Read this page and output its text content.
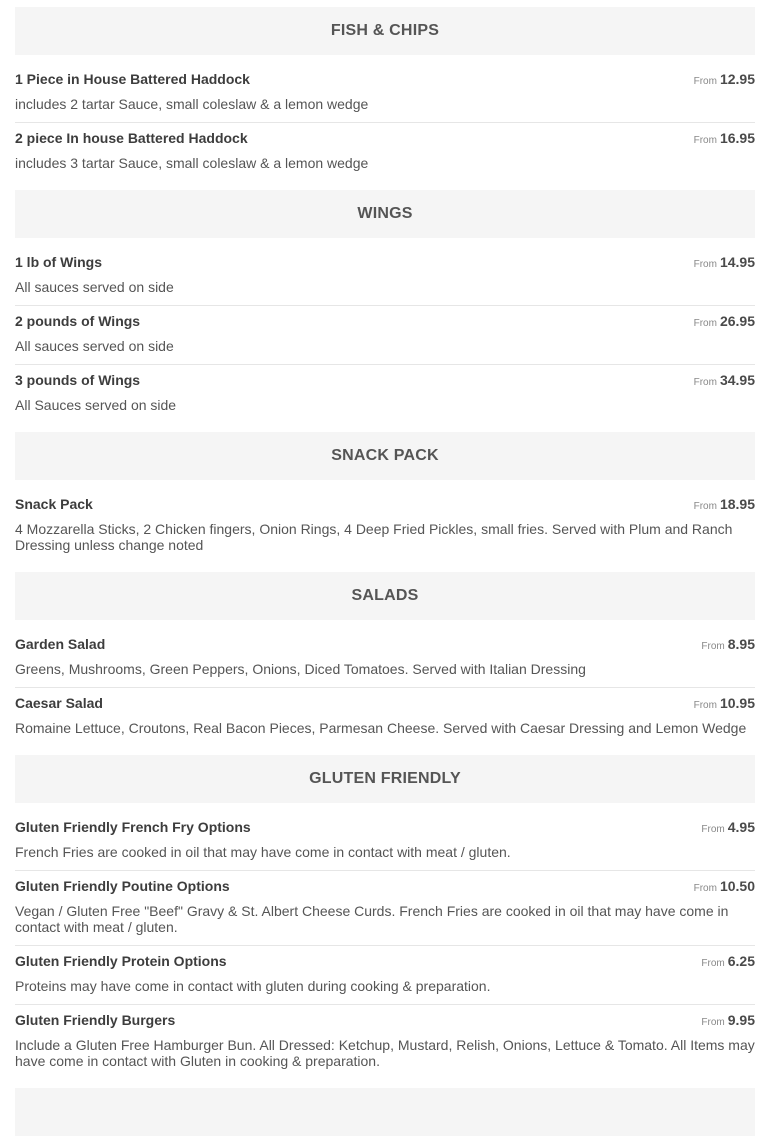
FISH & CHIPS
1 Piece in House Battered Haddock	From 12.95
includes 2 tartar Sauce, small coleslaw & a lemon wedge
2 piece In house Battered Haddock	From 16.95
includes 3 tartar Sauce, small coleslaw & a lemon wedge
WINGS
1 lb of Wings	From 14.95
All sauces served on side
2 pounds of Wings	From 26.95
All sauces served on side
3 pounds of Wings	From 34.95
All Sauces served on side
SNACK PACK
Snack Pack	From 18.95
4 Mozzarella Sticks, 2 Chicken fingers, Onion Rings, 4 Deep Fried Pickles, small fries. Served with Plum and Ranch Dressing unless change noted
SALADS
Garden Salad	From 8.95
Greens, Mushrooms, Green Peppers, Onions, Diced Tomatoes. Served with Italian Dressing
Caesar Salad	From 10.95
Romaine Lettuce, Croutons, Real Bacon Pieces, Parmesan Cheese. Served with Caesar Dressing and Lemon Wedge
GLUTEN FRIENDLY
Gluten Friendly French Fry Options	From 4.95
French Fries are cooked in oil that may have come in contact with meat / gluten.
Gluten Friendly Poutine Options	From 10.50
Vegan / Gluten Free "Beef" Gravy & St. Albert Cheese Curds. French Fries are cooked in oil that may have come in contact with meat / gluten.
Gluten Friendly Protein Options	From 6.25
Proteins may have come in contact with gluten during cooking & preparation.
Gluten Friendly Burgers	From 9.95
Include a Gluten Free Hamburger Bun. All Dressed: Ketchup, Mustard, Relish, Onions, Lettuce & Tomato. All Items may have come in contact with Gluten in cooking & preparation.
